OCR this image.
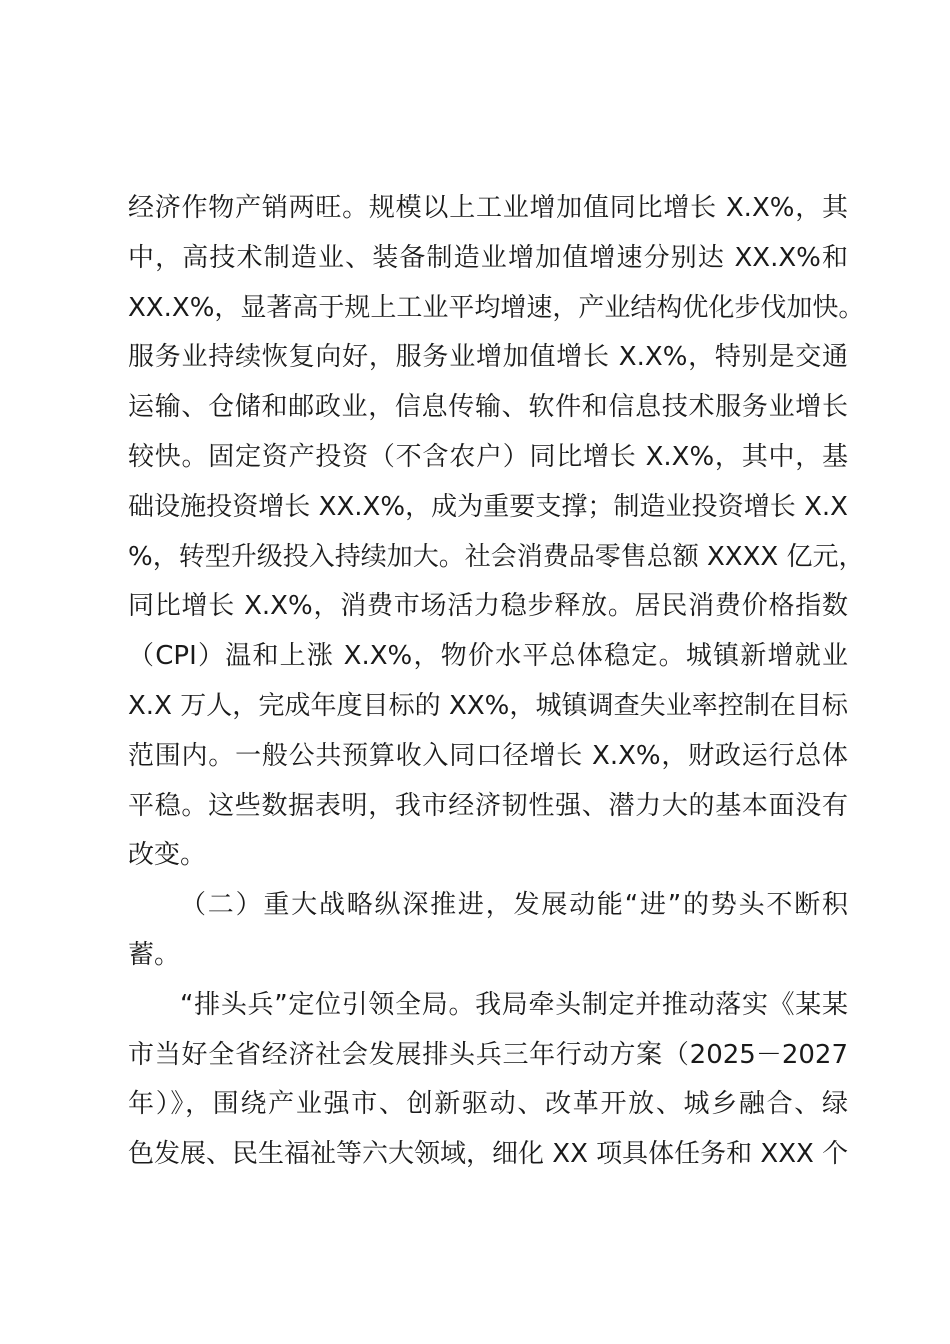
经济作物产销两旺。规模以上工业增加值同比增长 X.X%，其
中，高技术制造业、装备制造业增加值增速分别达 XX.X%和
XX.X%，显著高于规上工业平均增速，产业结构优化步伐加快。
服务业持续恢复向好，服务业增加值增长 X.X%，特别是交通
运输、仓储和邮政业，信息传输、软件和信息技术服务业增长
较快。固定资产投资（不含农户）同比增长 X.X%，其中，基
础设施投资增长 XX.X%，成为重要支撑；制造业投资增长 X.X
%，转型升级投入持续加大。社会消费品零售总额 XXXX 亿元，
同比增长 X.X%，消费市场活力稳步释放。居民消费价格指数
（CPI）温和上涨 X.X%，物价水平总体稳定。城镇新增就业
X.X 万人，完成年度目标的 XX%，城镇调查失业率控制在目标
范围内。一般公共预算收入同口径增长 X.X%，财政运行总体
平稳。这些数据表明，我市经济韧性强、潜力大的基本面没有
改变。
（二）重大战略纵深推进，发展动能“进”的势头不断积
蓄。
“排头兵”定位引领全局。我局牵头制定并推动落实《某某
市当好全省经济社会发展排头兵三年行动方案（2025－2027
年）》，围绕产业强市、创新驱动、改革开放、城乡融合、绿
色发展、民生福祉等六大领域，细化 XX 项具体任务和 XXX 个
